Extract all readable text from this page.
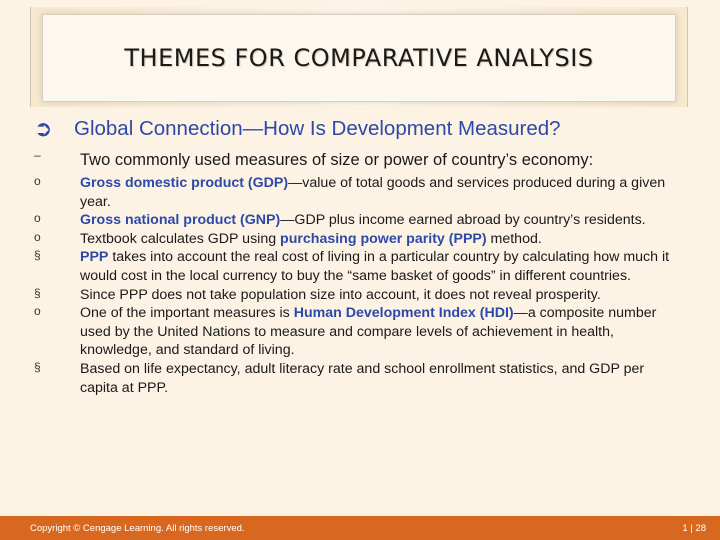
THEMES FOR COMPARATIVE ANALYSIS
➲	Global Connection—How Is Development Measured?
–	Two commonly used measures of size or power of country’s economy:
o	Gross domestic product (GDP)—value of total goods and services produced during a given year.
o	Gross national product (GNP)—GDP plus income earned abroad by country’s residents.
o	Textbook calculates GDP using purchasing power parity (PPP) method.
§	PPP takes into account the real cost of living in a particular country by calculating how much it would cost in the local currency to buy the “same basket of goods” in different countries.
§	Since PPP does not take population size into account, it does not reveal prosperity.
o	One of the important measures is Human Development Index (HDI)—a composite number used by the United Nations to measure and compare levels of achievement in health, knowledge, and standard of living.
§	Based on life expectancy, adult literacy rate and school enrollment statistics, and GDP per capita at PPP.
Copyright © Cengage Learning. All rights reserved.	1 | 28
